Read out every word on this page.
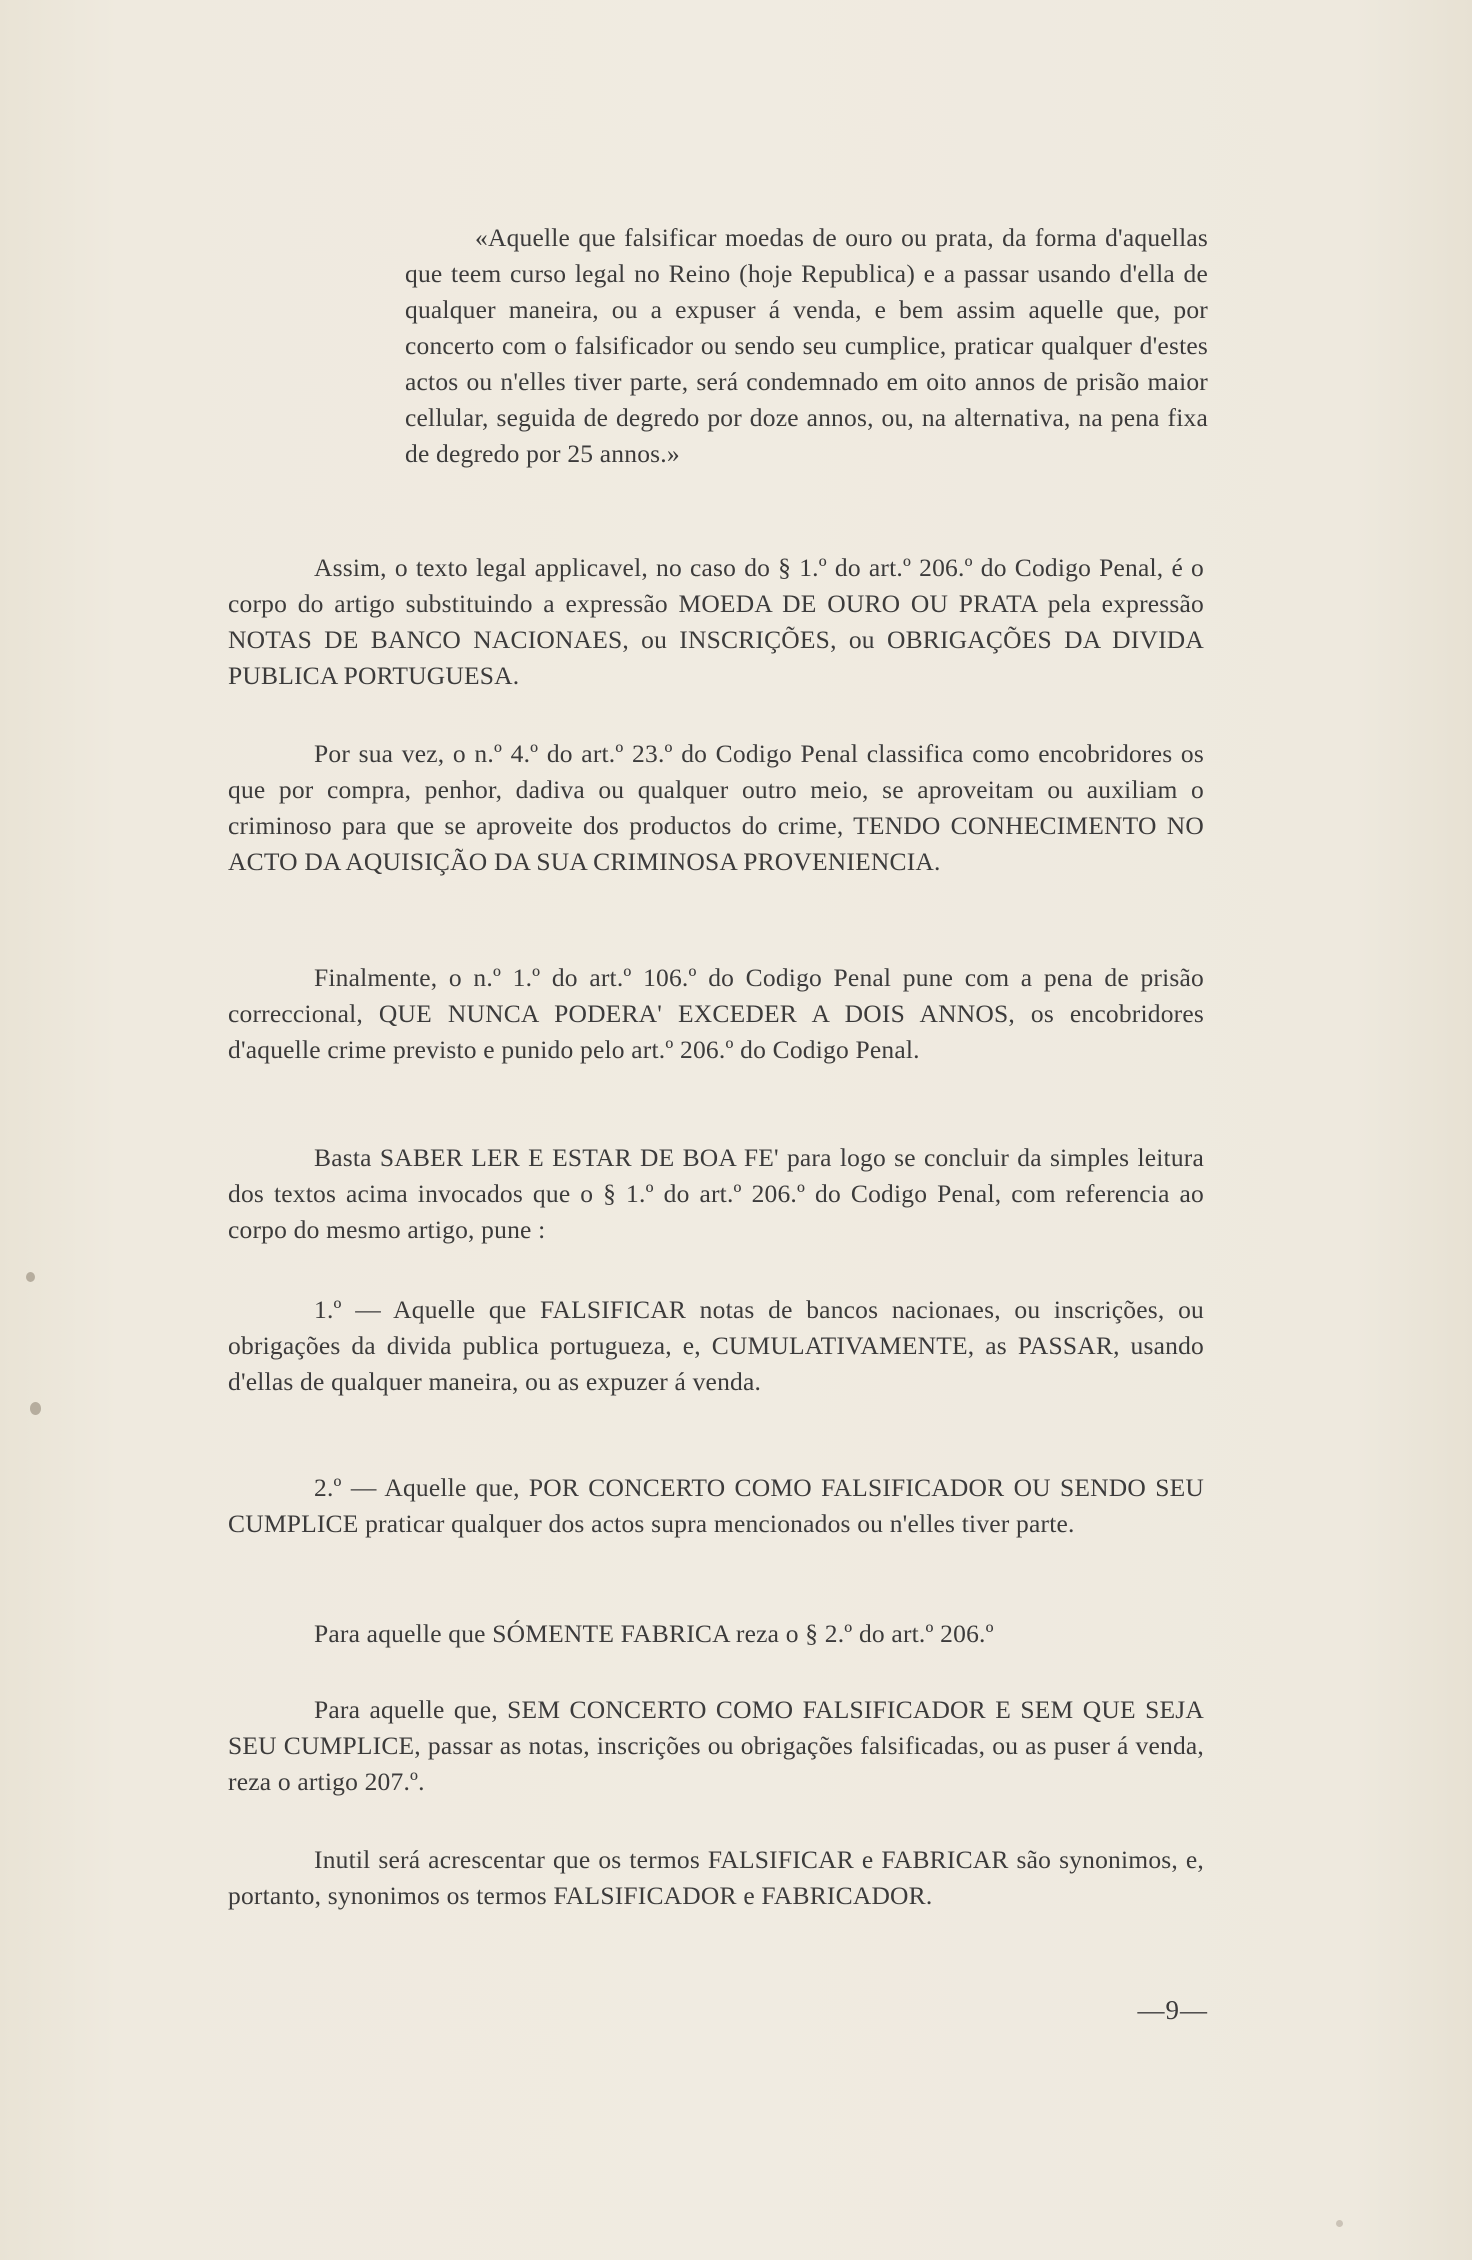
«Aquelle que falsificar moedas de ouro ou prata, da forma d'aquellas que teem curso legal no Reino (hoje Republica) e a passar usando d'ella de qualquer maneira, ou a expuser á venda, e bem assim aquelle que, por concerto com o falsificador ou sendo seu cumplice, praticar qualquer d'estes actos ou n'elles tiver parte, será condemnado em oito annos de prisão maior cellular, seguida de degredo por doze annos, ou, na alternativa, na pena fixa de degredo por 25 annos.»

Assim, o texto legal applicavel, no caso do § 1.º do art.º 206.º do Codigo Penal, é o corpo do artigo substituindo a expressão MOEDA DE OURO OU PRATA pela expressão NOTAS DE BANCO NACIONAES, ou INSCRIÇÕES, ou OBRIGAÇÕES DA DIVIDA PUBLICA PORTUGUESA.

Por sua vez, o n.º 4.º do art.º 23.º do Codigo Penal classifica como encobridores os que por compra, penhor, dadiva ou qualquer outro meio, se aproveitam ou auxiliam o criminoso para que se aproveite dos productos do crime, TENDO CONHECIMENTO NO ACTO DA AQUISIÇÃO DA SUA CRIMINOSA PROVENIENCIA.

Finalmente, o n.º 1.º do art.º 106.º do Codigo Penal pune com a pena de prisão correccional, QUE NUNCA PODERA' EXCEDER A DOIS ANNOS, os encobridores d'aquelle crime previsto e punido pelo art.º 206.º do Codigo Penal.

Basta SABER LER E ESTAR DE BOA FE' para logo se concluir da simples leitura dos textos acima invocados que o § 1.º do art.º 206.º do Codigo Penal, com referencia ao corpo do mesmo artigo, pune :

1.º — Aquelle que FALSIFICAR notas de bancos nacionaes, ou inscrições, ou obrigações da divida publica portugueza, e, CUMULATIVAMENTE, as PASSAR, usando d'ellas de qualquer maneira, ou as expuzer á venda.

2.º — Aquelle que, POR CONCERTO COMO FALSIFICADOR OU SENDO SEU CUMPLICE praticar qualquer dos actos supra mencionados ou n'elles tiver parte.

Para aquelle que SÓMENTE FABRICA reza o § 2.º do art.º 206.º

Para aquelle que, SEM CONCERTO COMO FALSIFICADOR E SEM QUE SEJA SEU CUMPLICE, passar as notas, inscrições ou obrigações falsificadas, ou as puser á venda, reza o artigo 207.º.

Inutil será acrescentar que os termos FALSIFICAR e FABRICAR são synonimos, e, portanto, synonimos os termos FALSIFICADOR e FABRICADOR.

—9—
